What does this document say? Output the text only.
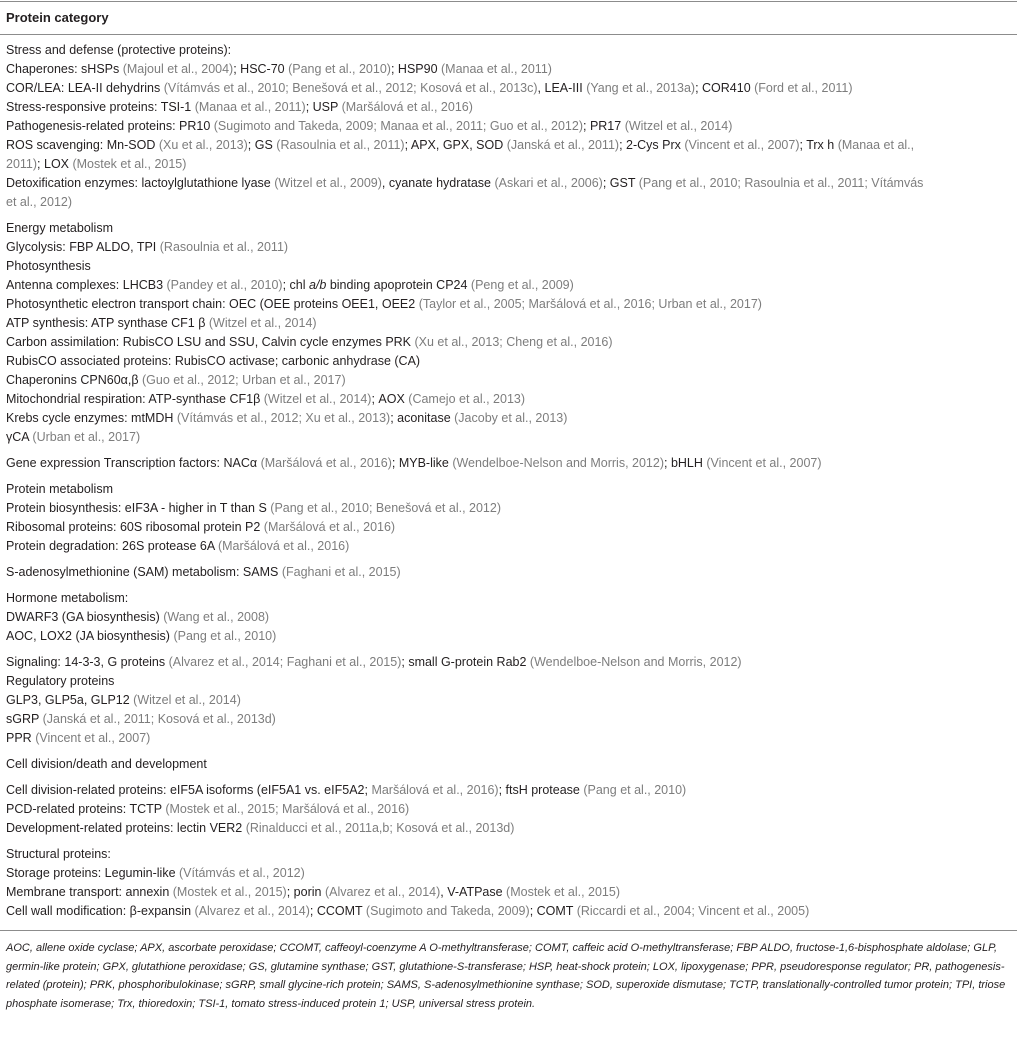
Protein category
Stress and defense (protective proteins):
Chaperones: sHSPs (Majoul et al., 2004); HSC-70 (Pang et al., 2010); HSP90 (Manaa et al., 2011)
COR/LEA: LEA-II dehydrins (Vítámvás et al., 2010; Benešová et al., 2012; Kosová et al., 2013c), LEA-III (Yang et al., 2013a); COR410 (Ford et al., 2011)
Stress-responsive proteins: TSI-1 (Manaa et al., 2011); USP (Maršálová et al., 2016)
Pathogenesis-related proteins: PR10 (Sugimoto and Takeda, 2009; Manaa et al., 2011; Guo et al., 2012); PR17 (Witzel et al., 2014)
ROS scavenging: Mn-SOD (Xu et al., 2013); GS (Rasoulnia et al., 2011); APX, GPX, SOD (Janská et al., 2011); 2-Cys Prx (Vincent et al., 2007); Trx h (Manaa et al.,
2011); LOX (Mostek et al., 2015)
Detoxification enzymes: lactoylglutathione lyase (Witzel et al., 2009), cyanate hydratase (Askari et al., 2006); GST (Pang et al., 2010; Rasoulnia et al., 2011; Vítámvás
et al., 2012)
Energy metabolism
Glycolysis: FBP ALDO, TPI (Rasoulnia et al., 2011)
Photosynthesis
Antenna complexes: LHCB3 (Pandey et al., 2010); chl a/b binding apoprotein CP24 (Peng et al., 2009)
Photosynthetic electron transport chain: OEC (OEE proteins OEE1, OEE2 (Taylor et al., 2005; Maršálová et al., 2016; Urban et al., 2017)
ATP synthesis: ATP synthase CF1 β (Witzel et al., 2014)
Carbon assimilation: RubisCO LSU and SSU, Calvin cycle enzymes PRK (Xu et al., 2013; Cheng et al., 2016)
RubisCO associated proteins: RubisCO activase; carbonic anhydrase (CA)
Chaperonins CPN60α,β (Guo et al., 2012; Urban et al., 2017)
Mitochondrial respiration: ATP-synthase CF1β (Witzel et al., 2014); AOX (Camejo et al., 2013)
Krebs cycle enzymes: mtMDH (Vítámvás et al., 2012; Xu et al., 2013); aconitase (Jacoby et al., 2013)
γCA (Urban et al., 2017)
Gene expression Transcription factors: NACα (Maršálová et al., 2016); MYB-like (Wendelboe-Nelson and Morris, 2012); bHLH (Vincent et al., 2007)
Protein metabolism
Protein biosynthesis: eIF3A - higher in T than S (Pang et al., 2010; Benešová et al., 2012)
Ribosomal proteins: 60S ribosomal protein P2 (Maršálová et al., 2016)
Protein degradation: 26S protease 6A (Maršálová et al., 2016)
S-adenosylmethionine (SAM) metabolism: SAMS (Faghani et al., 2015)
Hormone metabolism:
DWARF3 (GA biosynthesis) (Wang et al., 2008)
AOC, LOX2 (JA biosynthesis) (Pang et al., 2010)
Signaling: 14-3-3, G proteins (Alvarez et al., 2014; Faghani et al., 2015); small G-protein Rab2 (Wendelboe-Nelson and Morris, 2012)
Regulatory proteins
GLP3, GLP5a, GLP12 (Witzel et al., 2014)
sGRP (Janská et al., 2011; Kosová et al., 2013d)
PPR (Vincent et al., 2007)
Cell division/death and development
Cell division-related proteins: eIF5A isoforms (eIF5A1 vs. eIF5A2; Maršálová et al., 2016); ftsH protease (Pang et al., 2010)
PCD-related proteins: TCTP (Mostek et al., 2015; Maršálová et al., 2016)
Development-related proteins: lectin VER2 (Rinalducci et al., 2011a,b; Kosová et al., 2013d)
Structural proteins:
Storage proteins: Legumin-like (Vítámvás et al., 2012)
Membrane transport: annexin (Mostek et al., 2015); porin (Alvarez et al., 2014), V-ATPase (Mostek et al., 2015)
Cell wall modification: β-expansin (Alvarez et al., 2014); CCOMT (Sugimoto and Takeda, 2009); COMT (Riccardi et al., 2004; Vincent et al., 2005)
AOC, allene oxide cyclase; APX, ascorbate peroxidase; CCOMT, caffeoyl-coenzyme A O-methyltransferase; COMT, caffeic acid O-methyltransferase; FBP ALDO, fructose-1,6-bisphosphate aldolase; GLP, germin-like protein; GPX, glutathione peroxidase; GS, glutamine synthase; GST, glutathione-S-transferase; HSP, heat-shock protein; LOX, lipoxygenase; PPR, pseudoresponse regulator; PR, pathogenesis-related (protein); PRK, phosphoribulokinase; sGRP, small glycine-rich protein; SAMS, S-adenosylmethionine synthase; SOD, superoxide dismutase; TCTP, translationally-controlled tumor protein; TPI, triose phosphate isomerase; Trx, thioredoxin; TSI-1, tomato stress-induced protein 1; USP, universal stress protein.
